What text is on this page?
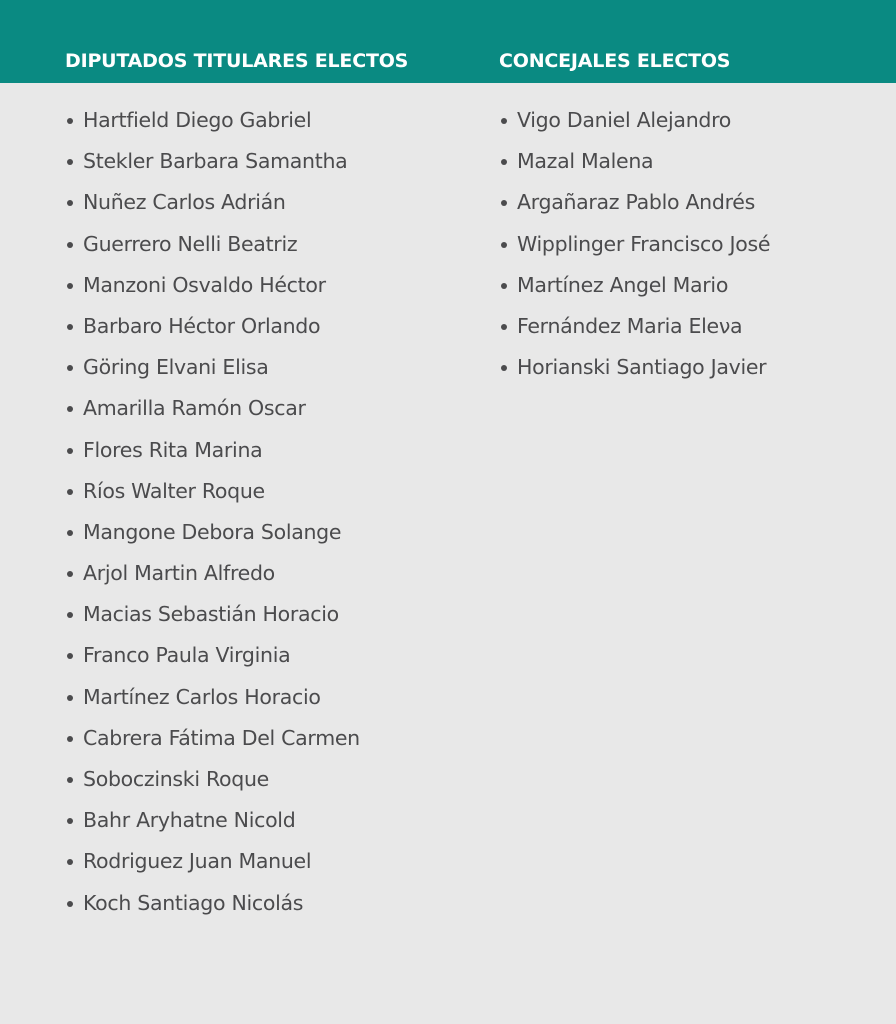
DIPUTADOS TITULARES ELECTOS	CONCEJALES ELECTOS
Hartfield Diego Gabriel
Stekler Barbara Samantha
Nuñez Carlos Adrián
Guerrero Nelli Beatriz
Manzoni Osvaldo Héctor
Barbaro Héctor Orlando
Göring Elvani Elisa
Amarilla Ramón Oscar
Flores Rita Marina
Ríos Walter Roque
Mangone Debora Solange
Arjol Martin Alfredo
Macias Sebastián Horacio
Franco Paula Virginia
Martínez Carlos Horacio
Cabrera Fátima Del Carmen
Soboczinski Roque
Bahr Aryhatne Nicold
Rodriguez Juan Manuel
Koch Santiago Nicolás
Vigo Daniel Alejandro
Mazal Malena
Argañaraz Pablo Andrés
Wipplinger Francisco José
Martínez Angel Mario
Fernández Maria Eleνa
Horianski Santiago Javier
